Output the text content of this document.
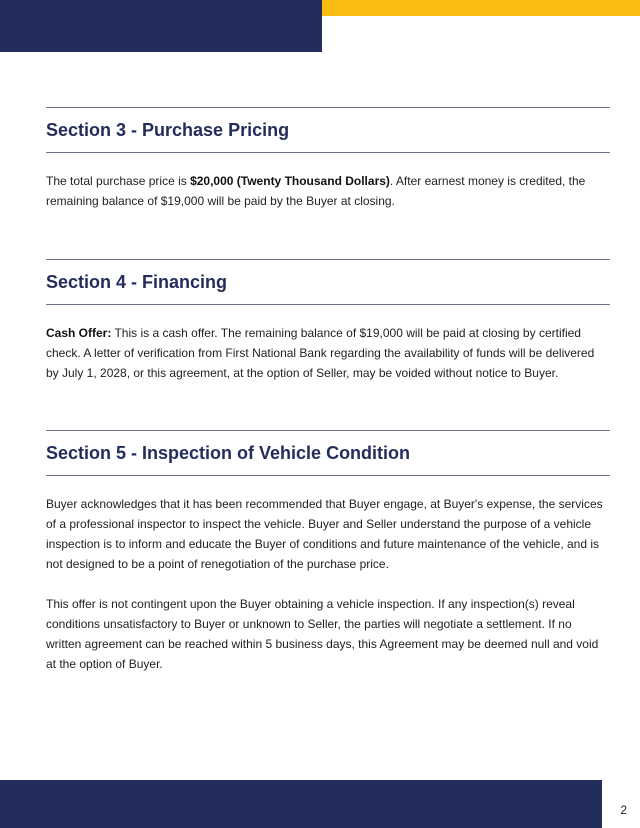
Section 3 - Purchase Pricing

The total purchase price is $20,000 (Twenty Thousand Dollars). After earnest money is credited, the remaining balance of $19,000 will be paid by the Buyer at closing.

Section 4 - Financing

Cash Offer: This is a cash offer. The remaining balance of $19,000 will be paid at closing by certified check. A letter of verification from First National Bank regarding the availability of funds will be delivered by July 1, 2028, or this agreement, at the option of Seller, may be voided without notice to Buyer.

Section 5 - Inspection of Vehicle Condition

Buyer acknowledges that it has been recommended that Buyer engage, at Buyer's expense, the services of a professional inspector to inspect the vehicle. Buyer and Seller understand the purpose of a vehicle inspection is to inform and educate the Buyer of conditions and future maintenance of the vehicle, and is not designed to be a point of renegotiation of the purchase price.

This offer is not contingent upon the Buyer obtaining a vehicle inspection. If any inspection(s) reveal conditions unsatisfactory to Buyer or unknown to Seller, the parties will negotiate a settlement. If no written agreement can be reached within 5 business days, this Agreement may be deemed null and void at the option of Buyer.

2
